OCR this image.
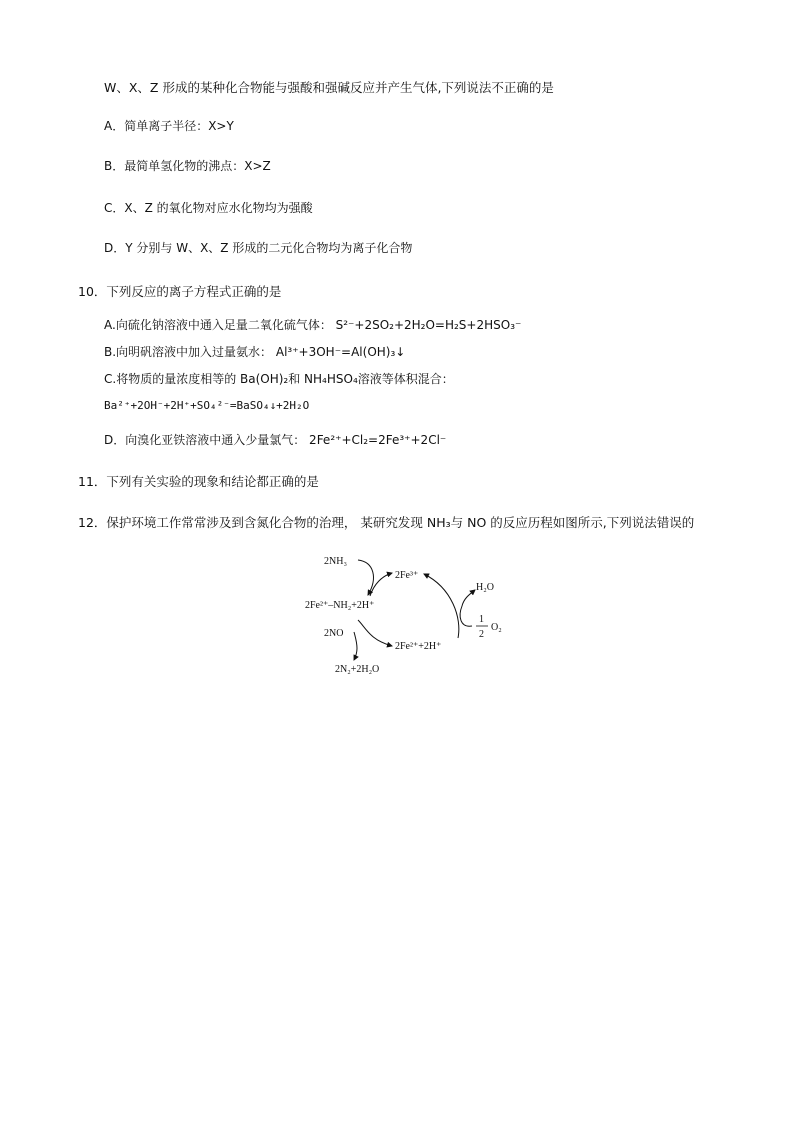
W、X、Z 形成的某种化合物能与强酸和强碱反应并产生气体,下列说法不正确的是
A．简单离子半径：X>Y
B．最简单氢化物的沸点：X>Z
C．X、Z 的氧化物对应水化物均为强酸
D．Y 分别与 W、X、Z 形成的二元化合物均为离子化合物
10．下列反应的离子方程式正确的是
A.向硫化钠溶液中通入足量二氧化硫气体： S²⁻+2SO₂+2H₂O=H₂S+2HSO₃⁻
B.向明矾溶液中加入过量氨水： Al³⁺+3OH⁻=Al(OH)₃↓
C.将物质的量浓度相等的 Ba(OH)₂和 NH₄HSO₄溶液等体积混合：
Ba²⁺+2OH⁻+2H⁺+SO₄²⁻=BaSO₄↓+2H₂O
D．向溴化亚铁溶液中通入少量氯气： 2Fe²⁺+Cl₂=2Fe³⁺+2Cl⁻
11．下列有关实验的现象和结论都正确的是
12．保护环境工作常常涉及到含氮化合物的治理， 某研究发现 NH₃与 NO 的反应历程如图所示,下列说法错误的
2NH₃
2Fe³⁺
2Fe²⁺–NH₂+2H⁺
2NO
2Fe²⁺+2H⁺
2N₂+2H₂O
H₂O
1
2
O₂
